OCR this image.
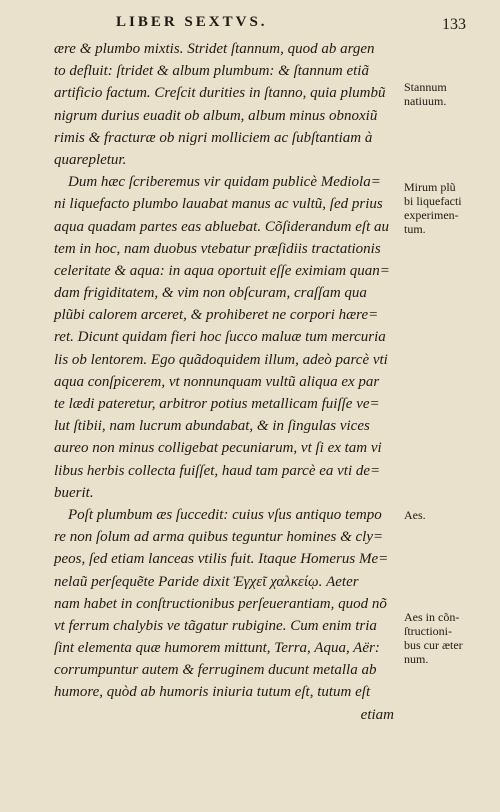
LIBER SEXTVS.	133
ære & plumbo mixtis. Stridet ſtannum, quod ab argen
to defluit: ſtridet & album plumbum: & ſtannum etiã
artificio factum. Creſcit durities in ſtanno, quia plumbũ
nigrum durius euadit ob album, album minus obnoxiũ
rimis & fracturæ ob nigri molliciem ac ſubſtantiam à
quarepletur.
Dum hæc ſcriberemus vir quidam publicè Mediola=
ni liquefacto plumbo lauabat manus ac vultũ, ſed prius
aqua quadam partes eas abluebat. Cõſiderandum eſt au
tem in hoc, nam duobus vtebatur præſidiis tractationis
celeritate & aqua: in aqua oportuit eſſe eximiam quan=
dam frigiditatem, & vim non obſcuram, craſſam qua
plũbi calorem arceret, & prohiberet ne corpori hære=
ret. Dicunt quidam fieri hoc ſucco maluæ tum mercuria
lis ob lentorem. Ego quãdoquidem illum, adeò parcè vti
aqua conſpicerem, vt nonnunquam vultũ aliqua ex par
te lædi pateretur, arbitror potius metallicam fuiſſe ve=
lut ſtibii, nam lucrum abundabat, & in ſingulas vices
aureo non minus colligebat pecuniarum, vt ſi ex tam vi
libus herbis collecta fuiſſet, haud tam parcè ea vti de=
buerit.
Poſt plumbum æs ſuccedit: cuius vſus antiquo tempo
re non ſolum ad arma quibus teguntur homines & cly=
peos, ſed etiam lanceas vtilis fuit. Itaque Homerus Me=
nelaũ perſequẽte Paride dixit Ἐγχεῖ χαλκείῳ. Aeter
nam habet in conſtructionibus perſeuerantiam, quod nõ
vt ferrum chalybis ve tãgatur rubigine. Cum enim tria
ſint elementa quæ humorem mittunt, Terra, Aqua, Aër:
corrumpuntur autem & ferruginem ducunt metalla ab
humore, quòd ab humoris iniuria tutum eſt, tutum eſt
etiam
Stannum
natiuum.
Mirum plũ
bi liquefacti
experimen-
tum.
Aes.
Aes in cõn-
ſtructioni-
bus cur æter
num.
